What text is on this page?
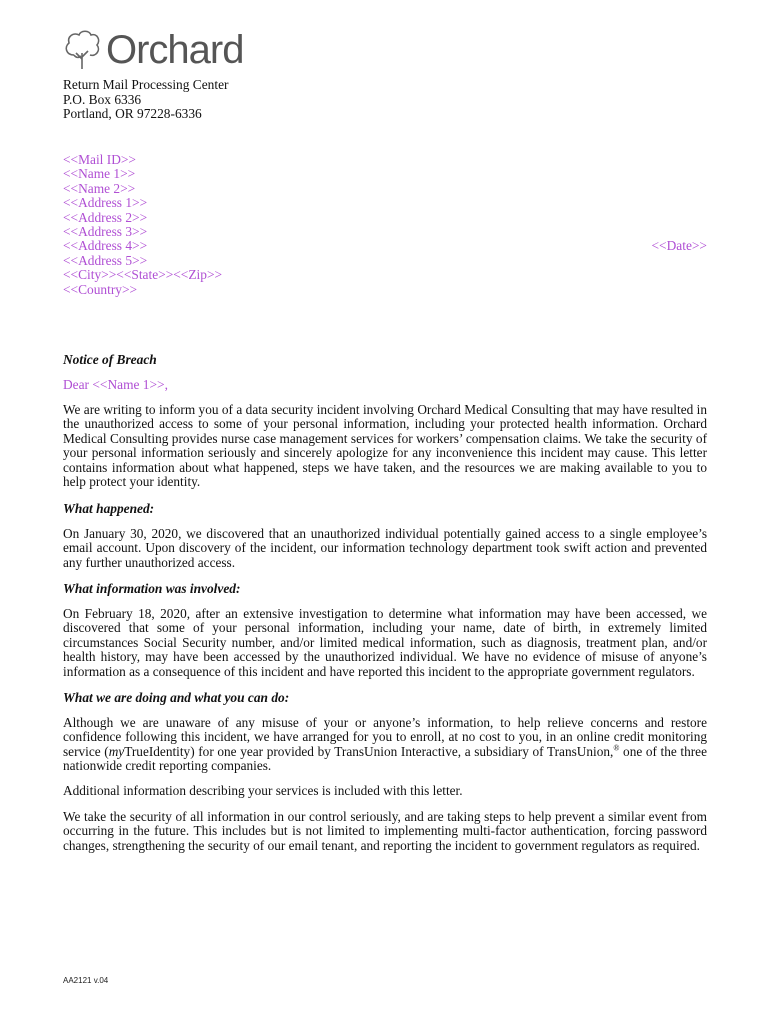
Orchard
Return Mail Processing Center
P.O. Box 6336
Portland, OR 97228-6336
<<Mail ID>>
<<Name 1>>
<<Name 2>>
<<Address 1>>
<<Address 2>>
<<Address 3>>
<<Address 4>>
<<Address 5>>
<<City>><<State>><<Zip>>
<<Country>>
<<Date>>
Notice of Breach
Dear <<Name 1>>,
We are writing to inform you of a data security incident involving Orchard Medical Consulting that may have resulted in the unauthorized access to some of your personal information, including your protected health information. Orchard Medical Consulting provides nurse case management services for workers’ compensation claims. We take the security of your personal information seriously and sincerely apologize for any inconvenience this incident may cause. This letter contains information about what happened, steps we have taken, and the resources we are making available to you to help protect your identity.
What happened:
On January 30, 2020, we discovered that an unauthorized individual potentially gained access to a single employee’s email account. Upon discovery of the incident, our information technology department took swift action and prevented any further unauthorized access.
What information was involved:
On February 18, 2020, after an extensive investigation to determine what information may have been accessed, we discovered that some of your personal information, including your name, date of birth, in extremely limited circumstances Social Security number, and/or limited medical information, such as diagnosis, treatment plan, and/or health history, may have been accessed by the unauthorized individual. We have no evidence of misuse of anyone’s information as a consequence of this incident and have reported this incident to the appropriate government regulators.
What we are doing and what you can do:
Although we are unaware of any misuse of your or anyone’s information, to help relieve concerns and restore confidence following this incident, we have arranged for you to enroll, at no cost to you, in an online credit monitoring service (myTrueIdentity) for one year provided by TransUnion Interactive, a subsidiary of TransUnion,® one of the three nationwide credit reporting companies.
Additional information describing your services is included with this letter.
We take the security of all information in our control seriously, and are taking steps to help prevent a similar event from occurring in the future. This includes but is not limited to implementing multi-factor authentication, forcing password changes, strengthening the security of our email tenant, and reporting the incident to government regulators as required.
AA2121 v.04
